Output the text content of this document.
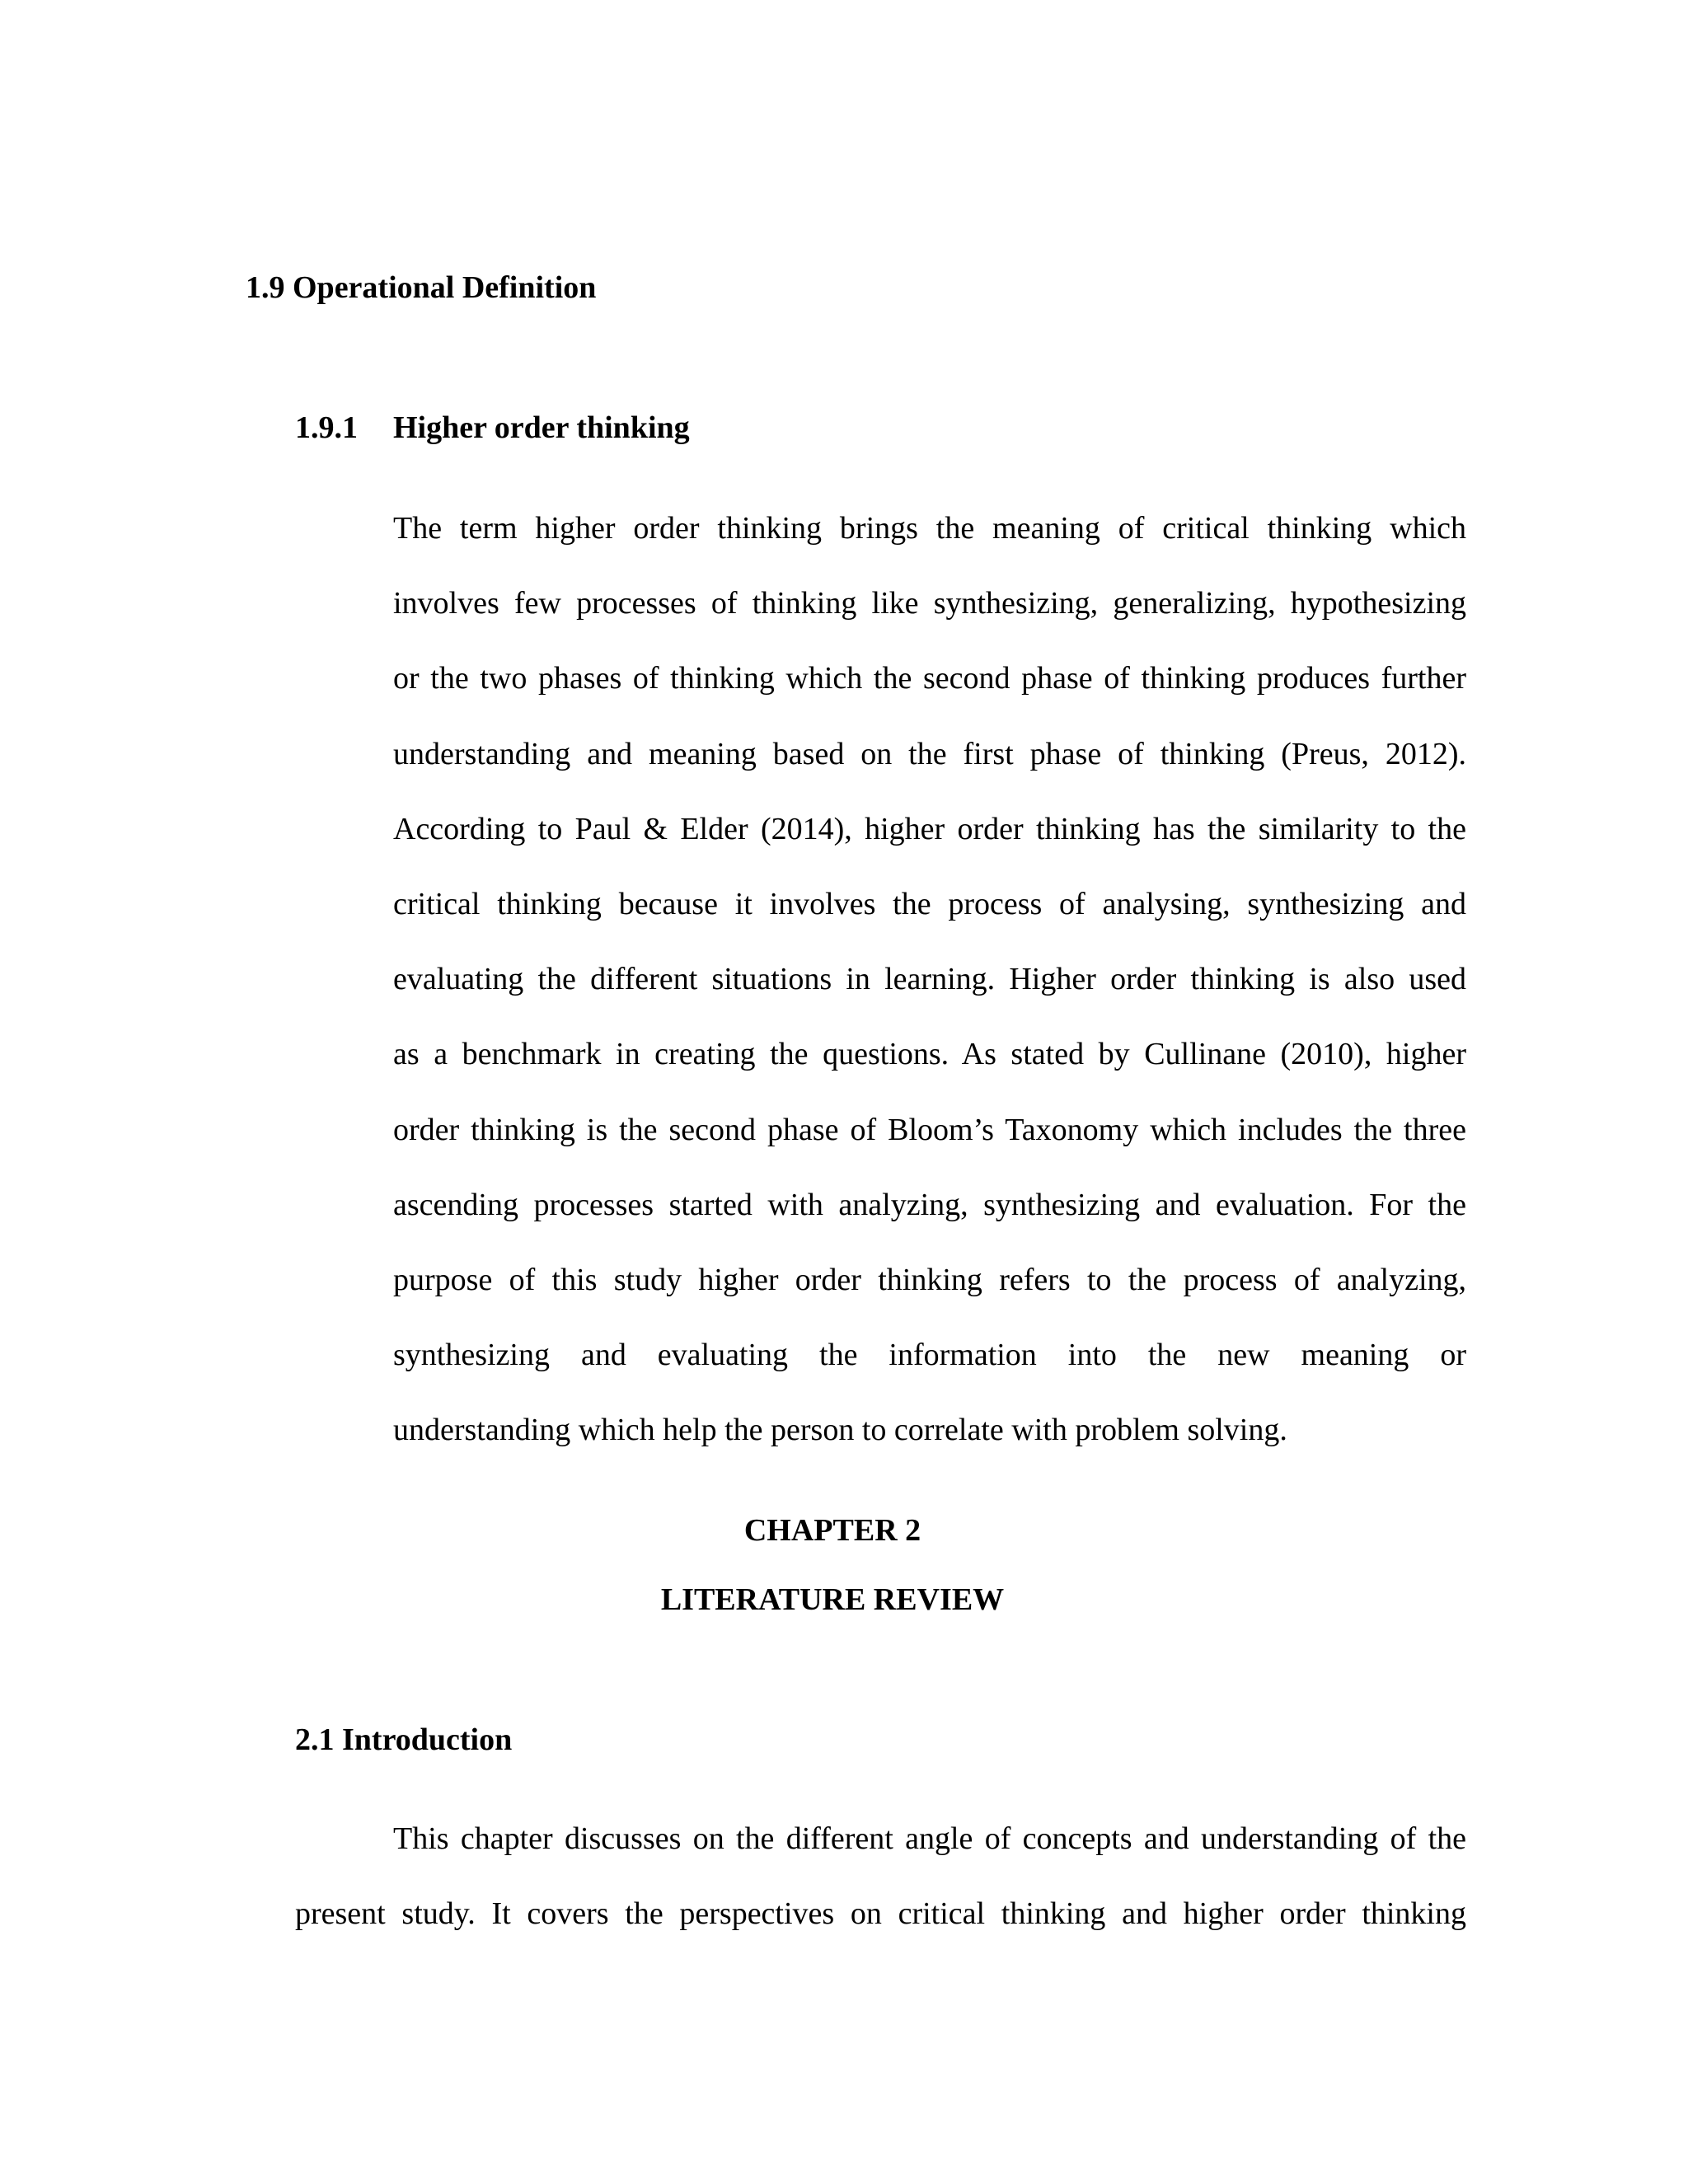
1.9 Operational Definition
1.9.1 Higher order thinking
The term higher order thinking brings the meaning of critical thinking which
involves few processes of thinking like synthesizing, generalizing, hypothesizing
or the two phases of thinking which the second phase of thinking produces further
understanding and meaning based on the first phase of thinking (Preus, 2012).
According to Paul & Elder (2014), higher order thinking has the similarity to the
critical thinking because it involves the process of analysing, synthesizing and
evaluating the different situations in learning. Higher order thinking is also used
as a benchmark in creating the questions. As stated by Cullinane (2010), higher
order thinking is the second phase of Bloom’s Taxonomy which includes the three
ascending processes started with analyzing, synthesizing and evaluation. For the
purpose of this study higher order thinking refers to the process of analyzing,
synthesizing and evaluating the information into the new meaning or
understanding which help the person to correlate with problem solving.
CHAPTER 2
LITERATURE REVIEW
2.1 Introduction
This chapter discusses on the different angle of concepts and understanding of the
present study. It covers the perspectives on critical thinking and higher order thinking
